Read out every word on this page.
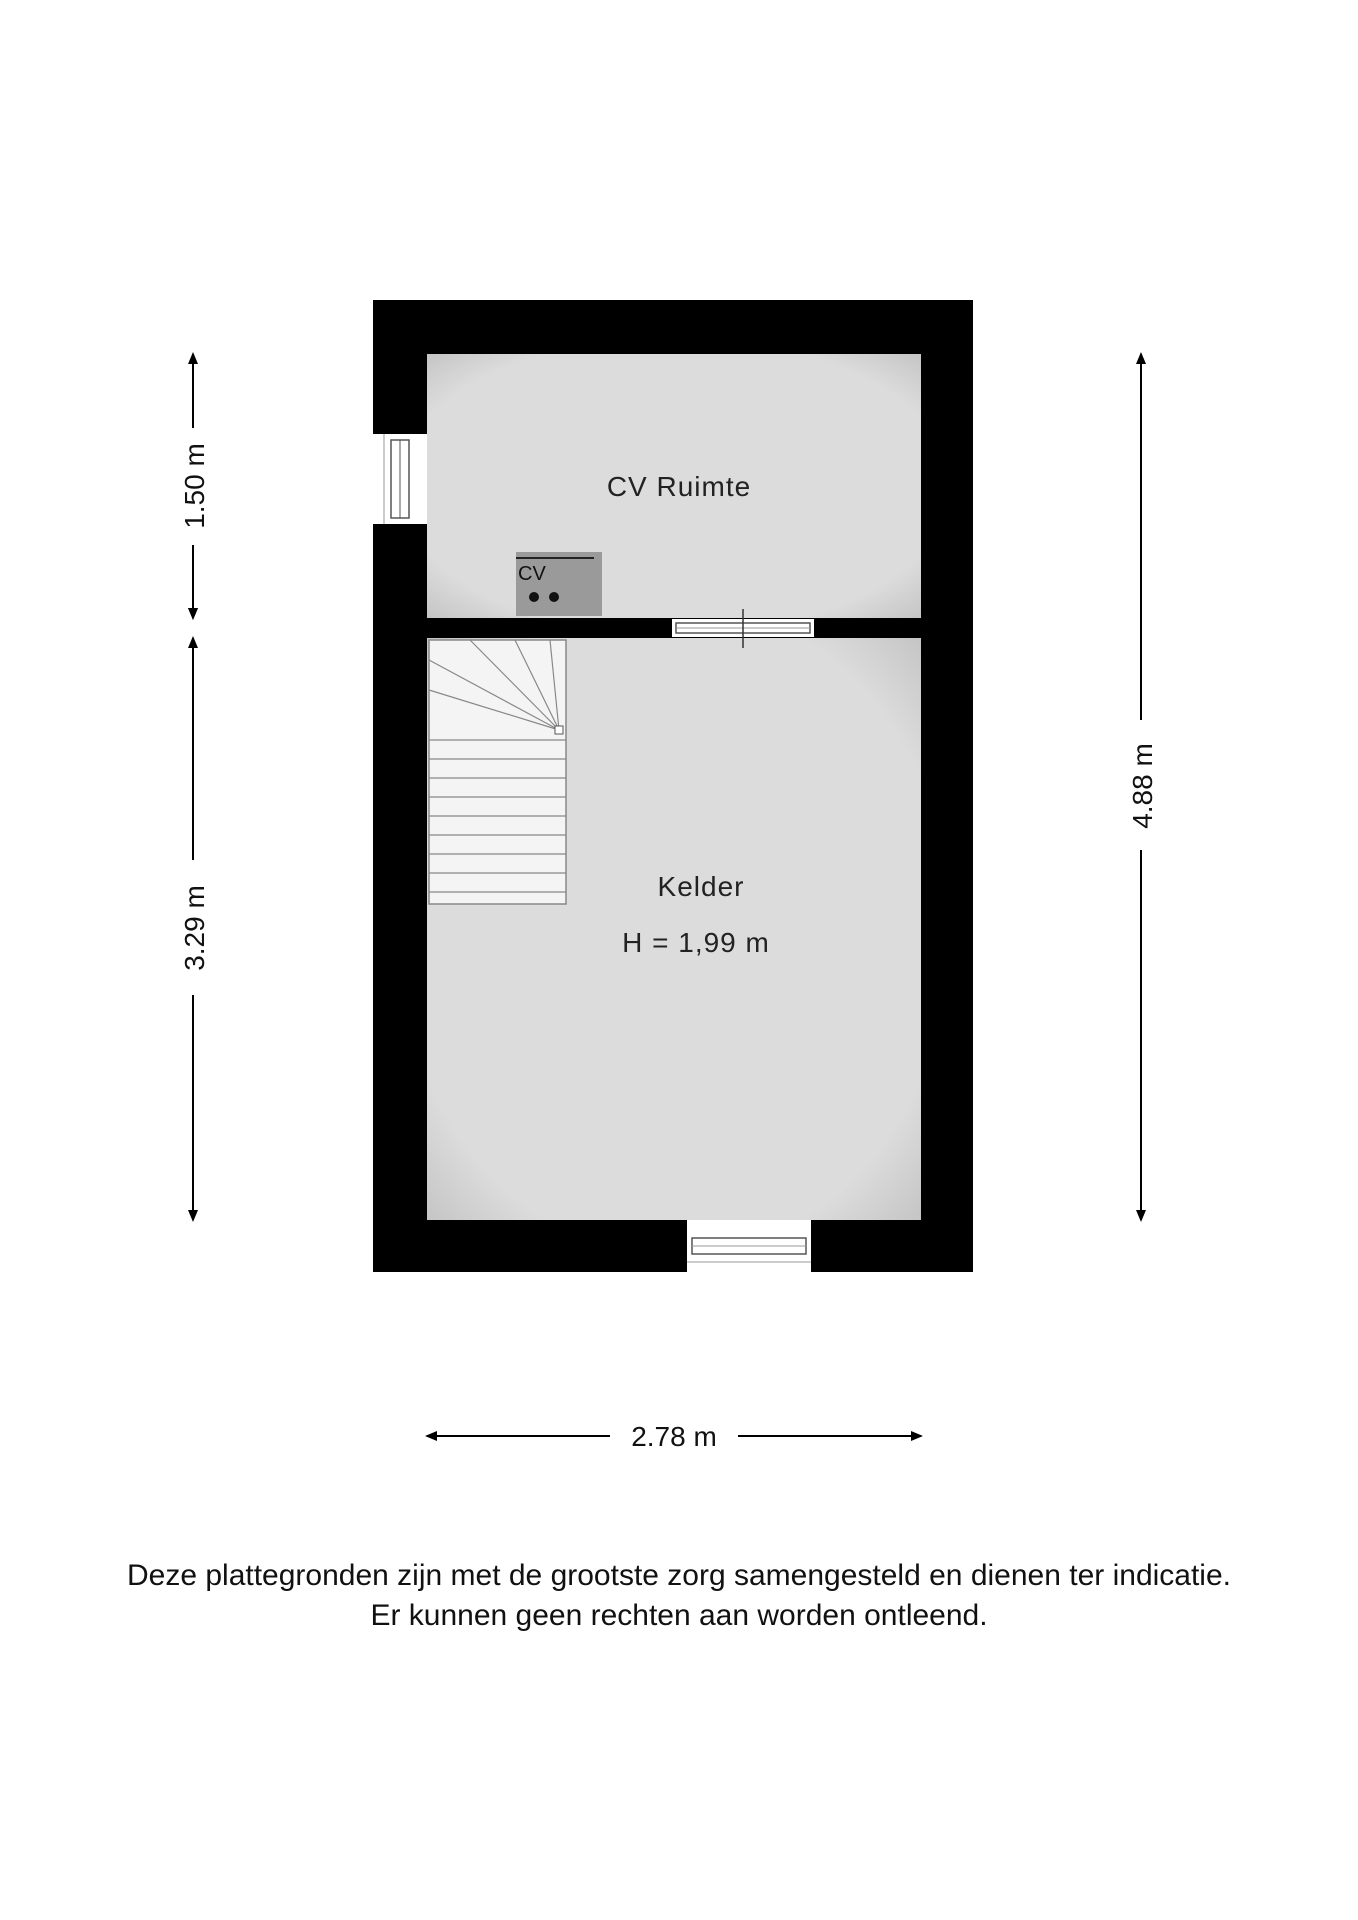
CV
CV Ruimte
Kelder
H = 1,99 m
1.50 m
3.29 m
4.88 m
2.78 m
Deze plattegronden zijn met de grootste zorg samengesteld en dienen ter indicatie.
Er kunnen geen rechten aan worden ontleend.
